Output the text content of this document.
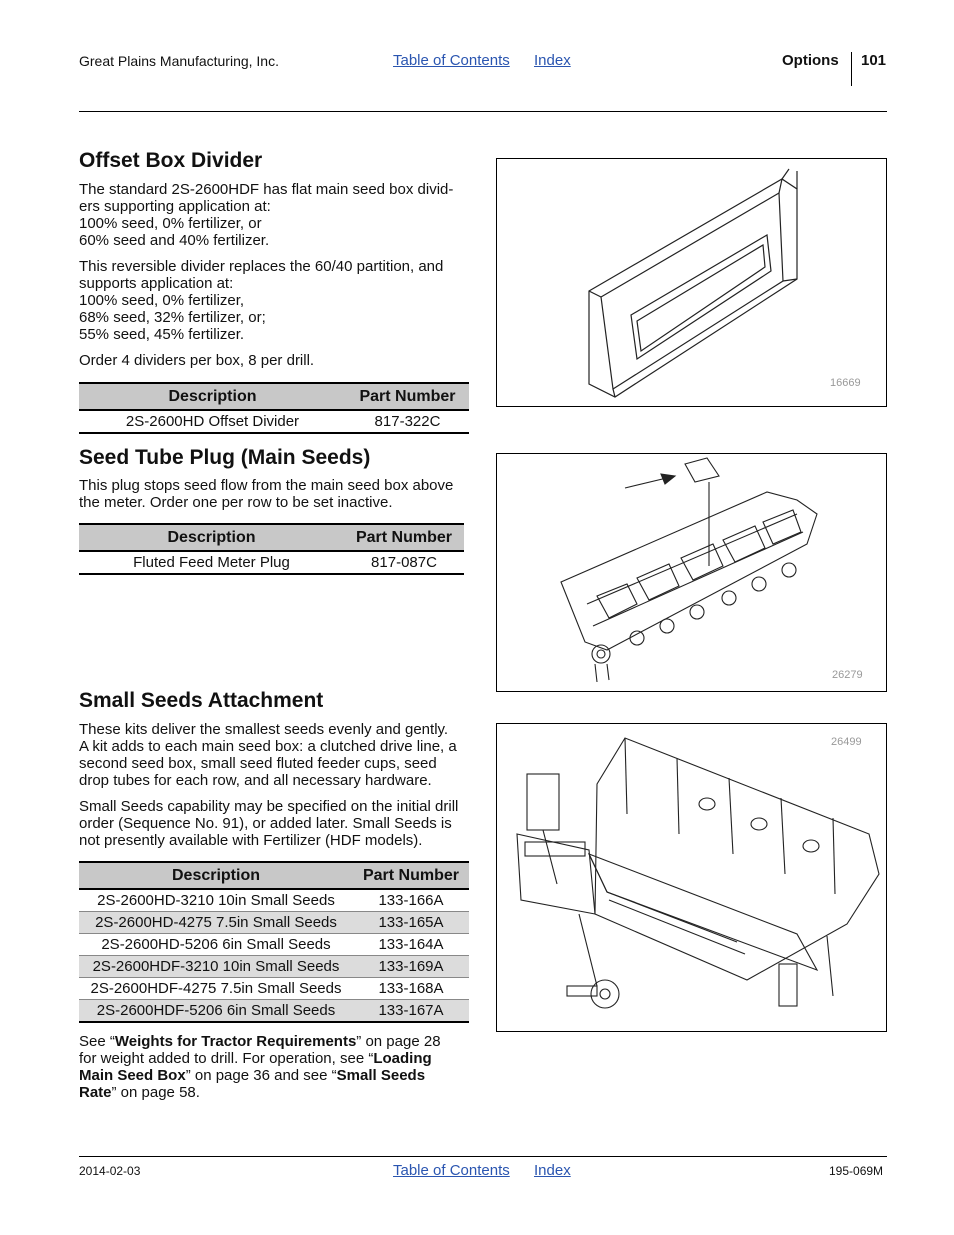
Great Plains Manufacturing, Inc.	Table of Contents Index	Options 101
Offset Box Divider

The standard 2S-2600HDF has flat main seed box divid-

ers supporting application at:

100% seed, 0% fertilizer, or

60% seed and 40% fertilizer.

This reversible divider replaces the 60/40 partition, and

supports application at:

100% seed, 0% fertilizer,

68% seed, 32% fertilizer, or;

55% seed, 45% fertilizer.

Order 4 dividers per box, 8 per drill.

Description	Part Number
2S-2600HD Offset Divider	817-322C
16669
Seed Tube Plug (Main Seeds)

This plug stops seed flow from the main seed box above

the meter. Order one per row to be set inactive.

Description	Part Number
Fluted Feed Meter Plug	817-087C
26279
Small Seeds Attachment

These kits deliver the smallest seeds evenly and gently.

A kit adds to each main seed box: a clutched drive line, a

second seed box, small seed fluted feeder cups, seed

drop tubes for each row, and all necessary hardware.

Small Seeds capability may be specified on the initial drill

order (Sequence No. 91), or added later. Small Seeds is

not presently available with Fertilizer (HDF models).

Description	Part Number
2S-2600HD-3210 10in Small Seeds	133-166A
2S-2600HD-4275 7.5in Small Seeds	133-165A
2S-2600HD-5206 6in Small Seeds	133-164A
2S-2600HDF-3210 10in Small Seeds	133-169A
2S-2600HDF-4275 7.5in Small Seeds	133-168A
2S-2600HDF-5206 6in Small Seeds	133-167A

See “Weights for Tractor Requirements” on page 28

for weight added to drill. For operation, see “Loading

Main Seed Box” on page 36 and see “Small Seeds

Rate” on page 58.

26499
2014-02-03	Table of Contents Index	195-069M
